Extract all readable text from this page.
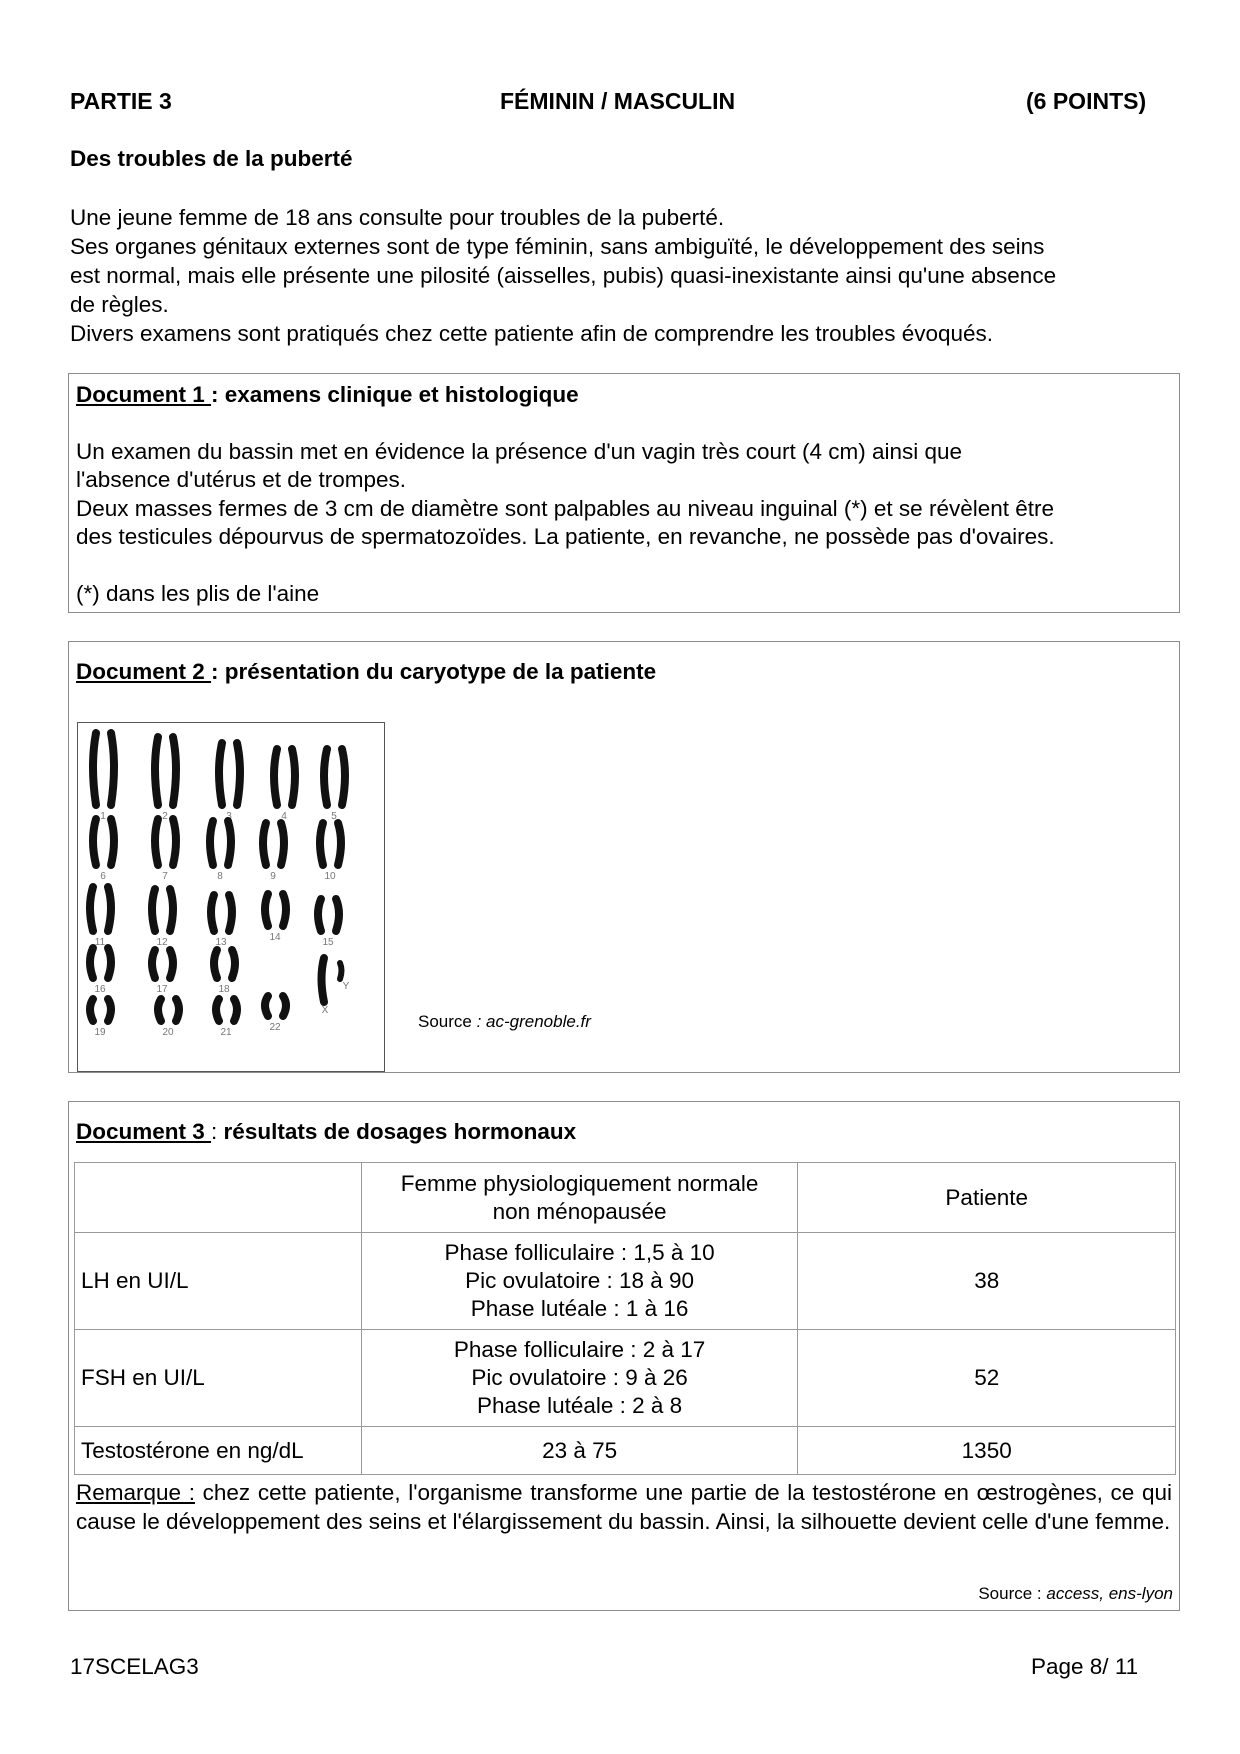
PARTIE 3	FÉMININ / MASCULIN	(6 POINTS)
Des troubles de la puberté
Une jeune femme de 18 ans consulte pour troubles de la puberté.
Ses organes génitaux externes sont de type féminin, sans ambiguïté, le développement des seins
est normal, mais elle présente une pilosité (aisselles, pubis) quasi-inexistante ainsi qu'une absence
de règles.
Divers examens sont pratiqués chez cette patiente afin de comprendre les troubles évoqués.
Document 1 : examens clinique et histologique
Un examen du bassin met en évidence la présence d'un vagin très court (4 cm) ainsi que
l'absence d'utérus et de trompes.
Deux masses fermes de 3 cm de diamètre sont palpables au niveau inguinal (*) et se révèlent être
des testicules dépourvus de spermatozoïdes. La patiente, en revanche, ne possède pas d'ovaires.
(*) dans les plis de l'aine
Document 2 : présentation du caryotype de la patiente
1	2	3	4	5
6	7	8	9	10
11	12	13	14	15
16	17	18
19	20	21	22
X
Y
Source : ac-grenoble.fr
Document 3 : résultats de dosages hormonaux

	Femme physiologiquement normale
non ménopausée	Patiente
LH en UI/L	Phase folliculaire : 1,5 à 10
Pic ovulatoire : 18 à 90
Phase lutéale : 1 à 16	38
FSH en UI/L	Phase folliculaire : 2 à 17
Pic ovulatoire : 9 à 26
Phase lutéale : 2 à 8	52
Testostérone en ng/dL	23 à 75	1350
Remarque : chez cette patiente, l'organisme transforme une partie de la testostérone en œstrogènes, ce qui cause le développement des seins et l'élargissement du bassin. Ainsi, la silhouette devient celle d'une femme.
Source : access, ens-lyon
17SCELAG3	Page 8/ 11
